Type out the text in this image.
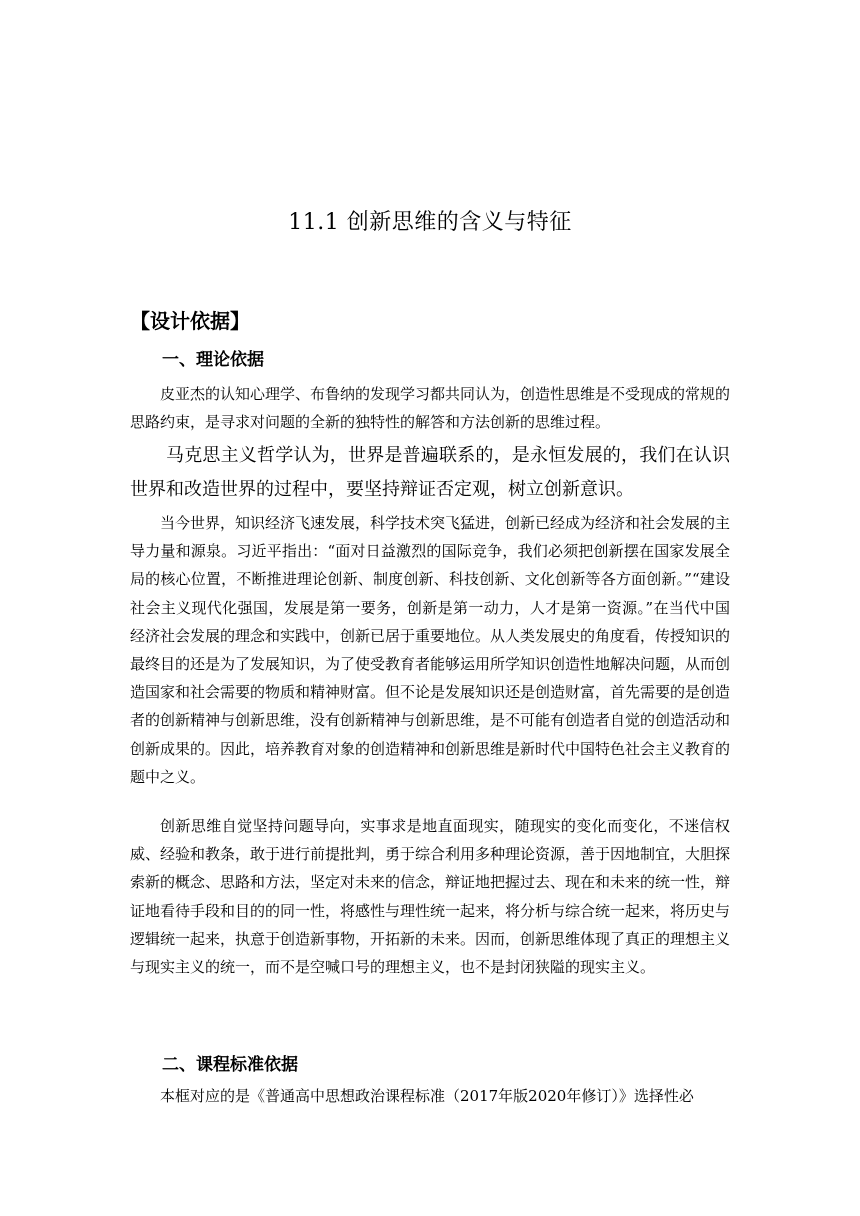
11.1 创新思维的含义与特征
【设计依据】
一、理论依据

皮亚杰的认知心理学、布鲁纳的发现学习都共同认为，创造性思维是不受现成的常规的思路约束，是寻求对问题的全新的独特性的解答和方法创新的思维过程。

马克思主义哲学认为，世界是普遍联系的，是永恒发展的，我们在认识世界和改造世界的过程中，要坚持辩证否定观，树立创新意识。

当今世界，知识经济飞速发展，科学技术突飞猛进，创新已经成为经济和社会发展的主导力量和源泉。习近平指出：“面对日益激烈的国际竞争，我们必须把创新摆在国家发展全局的核心位置，不断推进理论创新、制度创新、科技创新、文化创新等各方面创新。”“建设社会主义现代化强国，发展是第一要务，创新是第一动力，人才是第一资源。”在当代中国经济社会发展的理念和实践中，创新已居于重要地位。从人类发展史的角度看，传授知识的最终目的还是为了发展知识，为了使受教育者能够运用所学知识创造性地解决问题，从而创造国家和社会需要的物质和精神财富。但不论是发展知识还是创造财富，首先需要的是创造者的创新精神与创新思维，没有创新精神与创新思维，是不可能有创造者自觉的创造活动和创新成果的。因此，培养教育对象的创造精神和创新思维是新时代中国特色社会主义教育的题中之义。

创新思维自觉坚持问题导向，实事求是地直面现实，随现实的变化而变化，不迷信权威、经验和教条，敢于进行前提批判，勇于综合利用多种理论资源，善于因地制宜，大胆探索新的概念、思路和方法，坚定对未来的信念，辩证地把握过去、现在和未来的统一性，辩证地看待手段和目的的同一性，将感性与理性统一起来，将分析与综合统一起来，将历史与逻辑统一起来，执意于创造新事物，开拓新的未来。因而，创新思维体现了真正的理想主义与现实主义的统一，而不是空喊口号的理想主义，也不是封闭狭隘的现实主义。

二、课程标准依据

本框对应的是《普通高中思想政治课程标准（2017年版2020年修订）》选择性必
